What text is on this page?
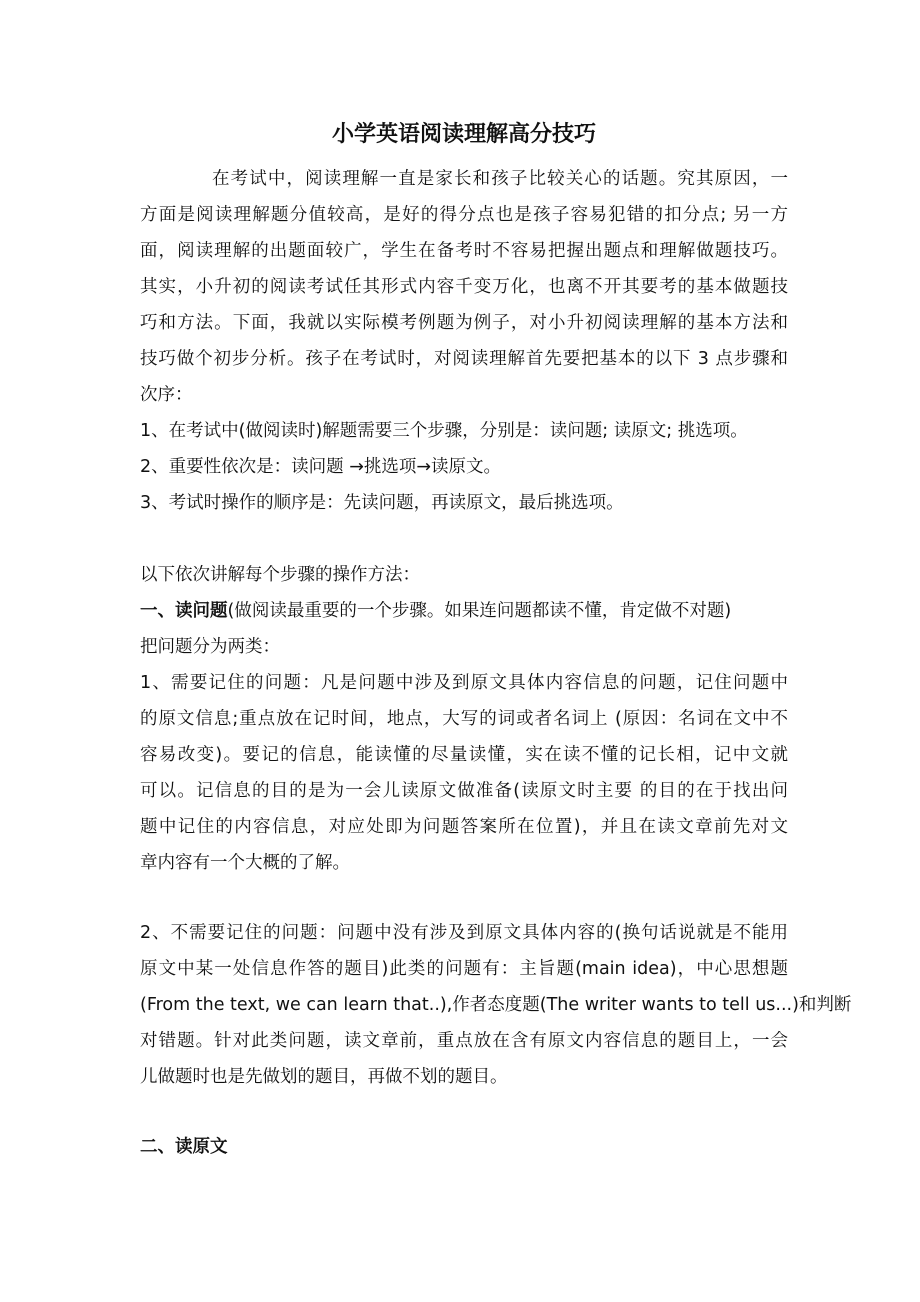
小学英语阅读理解高分技巧
在考试中，阅读理解一直是家长和孩子比较关心的话题。究其原因，一
方面是阅读理解题分值较高，是好的得分点也是孩子容易犯错的扣分点; 另一方
面，阅读理解的出题面较广，学生在备考时不容易把握出题点和理解做题技巧。
其实，小升初的阅读考试任其形式内容千变万化，也离不开其要考的基本做题技
巧和方法。下面，我就以实际模考例题为例子，对小升初阅读理解的基本方法和
技巧做个初步分析。孩子在考试时，对阅读理解首先要把基本的以下 3 点步骤和
次序：
1、在考试中(做阅读时)解题需要三个步骤，分别是：读问题; 读原文; 挑选项。
2、重要性依次是：读问题 →挑选项→读原文。
3、考试时操作的顺序是：先读问题，再读原文，最后挑选项。
以下依次讲解每个步骤的操作方法：
一、读问题(做阅读最重要的一个步骤。如果连问题都读不懂，肯定做不对题)
把问题分为两类：
1、需要记住的问题：凡是问题中涉及到原文具体内容信息的问题，记住问题中
的原文信息;重点放在记时间，地点，大写的词或者名词上 (原因：名词在文中不
容易改变)。要记的信息，能读懂的尽量读懂，实在读不懂的记长相，记中文就
可以。记信息的目的是为一会儿读原文做准备(读原文时主要 的目的在于找出问
题中记住的内容信息，对应处即为问题答案所在位置)，并且在读文章前先对文
章内容有一个大概的了解。
2、不需要记住的问题：问题中没有涉及到原文具体内容的(换句话说就是不能用
原文中某一处信息作答的题目)此类的问题有：主旨题(main idea)，中心思想题
(From the text, we can learn that..),作者态度题(The writer wants to tell us...)和判断
对错题。针对此类问题，读文章前，重点放在含有原文内容信息的题目上，一会
儿做题时也是先做划的题目，再做不划的题目。
二、读原文
